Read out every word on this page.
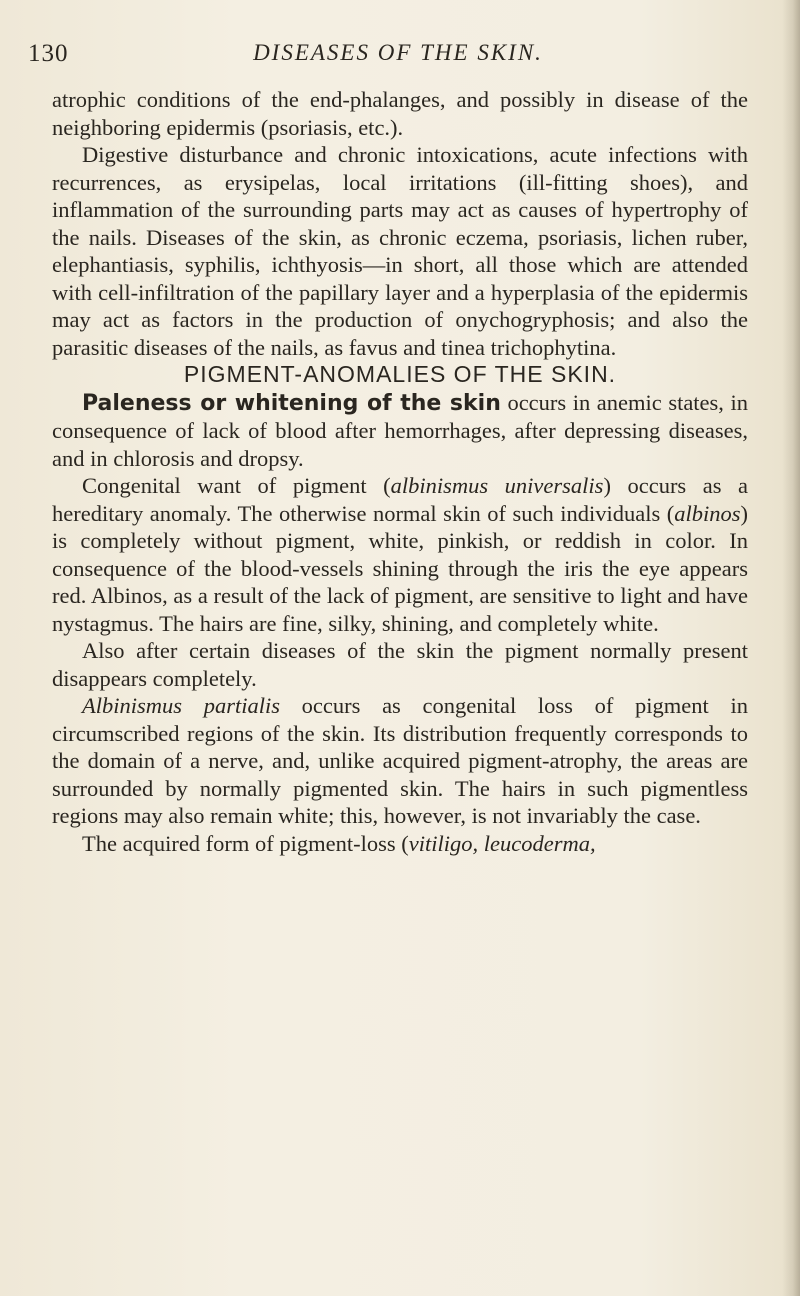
130	DISEASES OF THE SKIN.

atrophic conditions of the end-phalanges, and possibly in disease of the neighboring epidermis (psoriasis, etc.).

Digestive disturbance and chronic intoxications, acute infections with recurrences, as erysipelas, local irritations (ill-fitting shoes), and inflammation of the surrounding parts may act as causes of hypertrophy of the nails. Diseases of the skin, as chronic eczema, psoriasis, lichen ruber, elephantiasis, syphilis, ichthyosis—in short, all those which are attended with cell-infiltration of the papillary layer and a hyperplasia of the epidermis may act as factors in the production of onychogryphosis; and also the parasitic diseases of the nails, as favus and tinea trichophytina.

PIGMENT-ANOMALIES OF THE SKIN.

Paleness or whitening of the skin occurs in anemic states, in consequence of lack of blood after hemorrhages, after depressing diseases, and in chlorosis and dropsy.

Congenital want of pigment (albinismus universalis) occurs as a hereditary anomaly. The otherwise normal skin of such individuals (albinos) is completely without pigment, white, pinkish, or reddish in color. In consequence of the blood-vessels shining through the iris the eye appears red. Albinos, as a result of the lack of pigment, are sensitive to light and have nystagmus. The hairs are fine, silky, shining, and completely white.

Also after certain diseases of the skin the pigment normally present disappears completely.

Albinismus partialis occurs as congenital loss of pigment in circumscribed regions of the skin. Its distribution frequently corresponds to the domain of a nerve, and, unlike acquired pigment-atrophy, the areas are surrounded by normally pigmented skin. The hairs in such pigmentless regions may also remain white; this, however, is not invariably the case.

The acquired form of pigment-loss (vitiligo, leucoderma,
